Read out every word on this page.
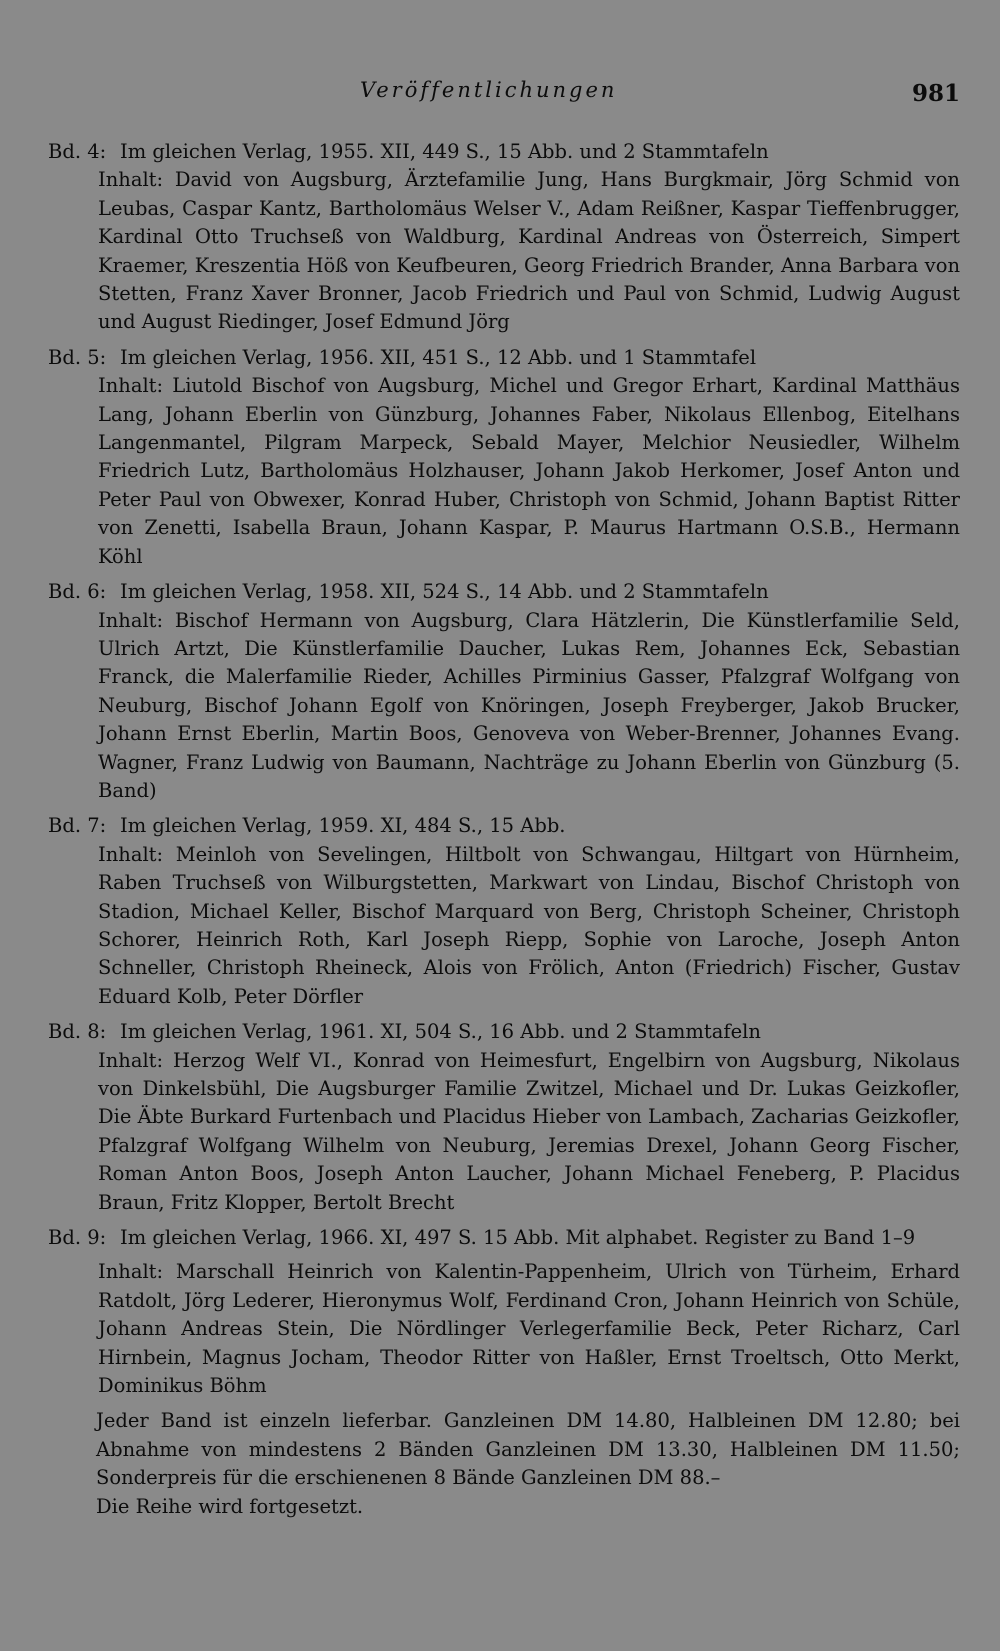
Veröffentlichungen	981
Bd. 4: Im gleichen Verlag, 1955. XII, 449 S., 15 Abb. und 2 Stammtafeln
Inhalt: David von Augsburg, Ärztefamilie Jung, Hans Burgkmair, Jörg Schmid von Leubas, Caspar Kantz, Bartholomäus Welser V., Adam Reißner, Kaspar Tieffenbrugger, Kardinal Otto Truchseß von Waldburg, Kardinal Andreas von Österreich, Simpert Kraemer, Kreszentia Höß von Keufbeuren, Georg Friedrich Brander, Anna Barbara von Stetten, Franz Xaver Bronner, Jacob Friedrich und Paul von Schmid, Ludwig August und August Riedinger, Josef Edmund Jörg
Bd. 5: Im gleichen Verlag, 1956. XII, 451 S., 12 Abb. und 1 Stammtafel
Inhalt: Liutold Bischof von Augsburg, Michel und Gregor Erhart, Kardinal Matthäus Lang, Johann Eberlin von Günzburg, Johannes Faber, Nikolaus Ellenbog, Eitelhans Langenmantel, Pilgram Marpeck, Sebald Mayer, Melchior Neusiedler, Wilhelm Friedrich Lutz, Bartholomäus Holzhauser, Johann Jakob Herkomer, Josef Anton und Peter Paul von Obwexer, Konrad Huber, Christoph von Schmid, Johann Baptist Ritter von Zenetti, Isabella Braun, Johann Kaspar, P. Maurus Hartmann O.S.B., Hermann Köhl
Bd. 6: Im gleichen Verlag, 1958. XII, 524 S., 14 Abb. und 2 Stammtafeln
Inhalt: Bischof Hermann von Augsburg, Clara Hätzlerin, Die Künstlerfamilie Seld, Ulrich Artzt, Die Künstlerfamilie Daucher, Lukas Rem, Johannes Eck, Sebastian Franck, die Malerfamilie Rieder, Achilles Pirminius Gasser, Pfalzgraf Wolfgang von Neuburg, Bischof Johann Egolf von Knöringen, Joseph Freyberger, Jakob Brucker, Johann Ernst Eberlin, Martin Boos, Genoveva von Weber-Brenner, Johannes Evang. Wagner, Franz Ludwig von Baumann, Nachträge zu Johann Eberlin von Günzburg (5. Band)
Bd. 7: Im gleichen Verlag, 1959. XI, 484 S., 15 Abb.
Inhalt: Meinloh von Sevelingen, Hiltbolt von Schwangau, Hiltgart von Hürnheim, Raben Truchseß von Wilburgstetten, Markwart von Lindau, Bischof Christoph von Stadion, Michael Keller, Bischof Marquard von Berg, Christoph Scheiner, Christoph Schorer, Heinrich Roth, Karl Joseph Riepp, Sophie von Laroche, Joseph Anton Schneller, Christoph Rheineck, Alois von Frölich, Anton (Friedrich) Fischer, Gustav Eduard Kolb, Peter Dörfler
Bd. 8: Im gleichen Verlag, 1961. XI, 504 S., 16 Abb. und 2 Stammtafeln
Inhalt: Herzog Welf VI., Konrad von Heimesfurt, Engelbirn von Augsburg, Nikolaus von Dinkelsbühl, Die Augsburger Familie Zwitzel, Michael und Dr. Lukas Geizkofler, Die Äbte Burkard Furtenbach und Placidus Hieber von Lambach, Zacharias Geizkofler, Pfalzgraf Wolfgang Wilhelm von Neuburg, Jeremias Drexel, Johann Georg Fischer, Roman Anton Boos, Joseph Anton Laucher, Johann Michael Feneberg, P. Placidus Braun, Fritz Klopper, Bertolt Brecht
Bd. 9: Im gleichen Verlag, 1966. XI, 497 S. 15 Abb. Mit alphabet. Register zu Band 1–9
Inhalt: Marschall Heinrich von Kalentin-Pappenheim, Ulrich von Türheim, Erhard Ratdolt, Jörg Lederer, Hieronymus Wolf, Ferdinand Cron, Johann Heinrich von Schüle, Johann Andreas Stein, Die Nördlinger Verlegerfamilie Beck, Peter Richarz, Carl Hirnbein, Magnus Jocham, Theodor Ritter von Haßler, Ernst Troeltsch, Otto Merkt, Dominikus Böhm
Jeder Band ist einzeln lieferbar. Ganzleinen DM 14.80, Halbleinen DM 12.80; bei Abnahme von mindestens 2 Bänden Ganzleinen DM 13.30, Halbleinen DM 11.50; Sonderpreis für die erschienenen 8 Bände Ganzleinen DM 88.–
Die Reihe wird fortgesetzt.
